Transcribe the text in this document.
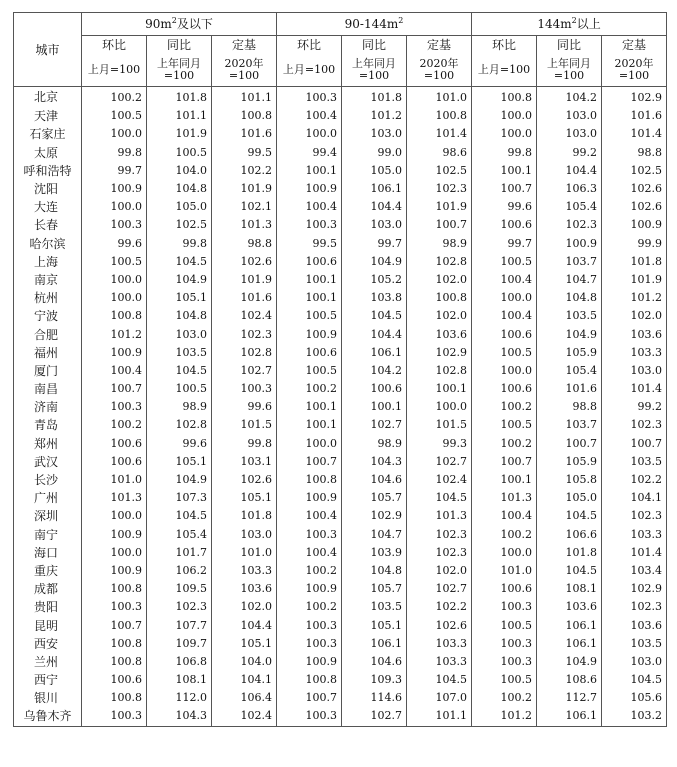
城市	$90m^2$及以下			$90-144m^2$			$144m^2$以上		
	环比	同比	定基	环比	同比	定基	环比	同比	定基
	上月=100	上年同月=100	2020年=100	上月=100	上年同月=100	2020年=100	上月=100	上年同月=100	2020年=100
北京	100.2	101.8	101.1	100.3	101.8	101.0	100.8	104.2	102.9
天津	100.5	101.1	100.8	100.4	101.2	100.8	100.0	103.0	101.6
石家庄	100.0	101.9	101.6	100.0	103.0	101.4	100.0	103.0	101.4
太原	99.8	100.5	99.5	99.4	99.0	98.6	99.8	99.2	98.8
呼和浩特	99.7	104.0	102.2	100.1	105.0	102.5	100.1	104.4	102.5
沈阳	100.9	104.8	101.9	100.9	106.1	102.3	100.7	106.3	102.6
大连	100.0	105.0	102.1	100.4	104.4	101.9	99.6	105.4	102.6
长春	100.3	102.5	101.3	100.3	103.0	100.7	100.6	102.3	100.9
哈尔滨	99.6	99.8	98.8	99.5	99.7	98.9	99.7	100.9	99.9
上海	100.5	104.5	102.6	100.6	104.9	102.8	100.5	103.7	101.8
南京	100.0	104.9	101.9	100.1	105.2	102.0	100.4	104.7	101.9
杭州	100.0	105.1	101.6	100.1	103.8	100.8	100.0	104.8	101.2
宁波	100.8	104.8	102.4	100.5	104.5	102.0	100.4	103.5	102.0
合肥	101.2	103.0	102.3	100.9	104.4	103.6	100.6	104.9	103.6
福州	100.9	103.5	102.8	100.6	106.1	102.9	100.5	105.9	103.3
厦门	100.4	104.5	102.7	100.5	104.2	102.8	100.0	105.4	103.0
南昌	100.7	100.5	100.3	100.2	100.6	100.1	100.6	101.6	101.4
济南	100.3	98.9	99.6	100.1	100.1	100.0	100.2	98.8	99.2
青岛	100.2	102.8	101.5	100.1	102.7	101.5	100.5	103.7	102.3
郑州	100.6	99.6	99.8	100.0	98.9	99.3	100.2	100.7	100.7
武汉	100.6	105.1	103.1	100.7	104.3	102.7	100.7	105.9	103.5
长沙	101.0	104.9	102.6	100.8	104.6	102.4	100.1	105.8	102.2
广州	101.3	107.3	105.1	100.9	105.7	104.5	101.3	105.0	104.1
深圳	100.0	104.5	101.8	100.4	102.9	101.3	100.4	104.5	102.3
南宁	100.9	105.4	103.0	100.3	104.7	102.3	100.2	106.6	103.3
海口	100.0	101.7	101.0	100.4	103.9	102.3	100.0	101.8	101.4
重庆	100.9	106.2	103.3	100.2	104.8	102.0	101.0	104.5	103.4
成都	100.8	109.5	103.6	100.9	105.7	102.7	100.6	108.1	102.9
贵阳	100.3	102.3	102.0	100.2	103.5	102.2	100.3	103.6	102.3
昆明	100.7	107.7	104.4	100.3	105.1	102.6	100.5	106.1	103.6
西安	100.8	109.7	105.1	100.3	106.1	103.3	100.3	106.1	103.5
兰州	100.8	106.8	104.0	100.9	104.6	103.3	100.3	104.9	103.0
西宁	100.6	108.1	104.1	100.8	109.3	104.5	100.5	108.6	104.5
银川	100.8	112.0	106.4	100.7	114.6	107.0	100.2	112.7	105.6
乌鲁木齐	100.3	104.3	102.4	100.3	102.7	101.1	101.2	106.1	103.2
